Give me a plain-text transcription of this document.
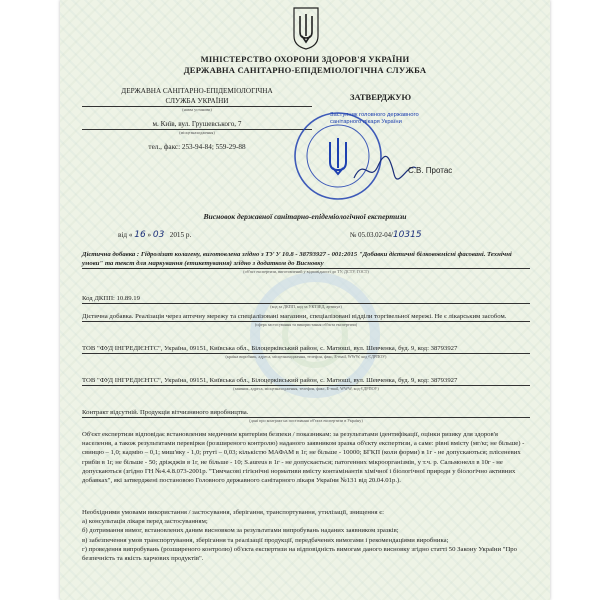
МІНІСТЕРСТВО ОХОРОНИ ЗДОРОВ'Я УКРАЇНИ
ДЕРЖАВНА САНІТАРНО-ЕПІДЕМІОЛОГІЧНА СЛУЖБА
ДЕРЖАВНА САНІТАРНО-ЕПІДЕМІОЛОГІЧНА
СЛУЖБА УКРАЇНИ
(назва установи)
м. Київ, вул. Грушевського, 7
(місцезнаходження)
тел., факс: 253-94-84; 559-29-88
ЗАТВЕРДЖУЮ
Заступник головного державного
санітарного лікаря України
С.В. Протас
Висновок державної санітарно-епідеміологічної експертизи
від « 16 » 03 2015 р.	№ 05.03.02-04/10315
Дієтична добавка : Гідролізат колагену, виготовлена згідно з ТУ У 10.8 - 38793927 - 001:2015 "Добавки дієтичні білкововмісні фасовані. Технічні умови" та текст для маркування (етикетування) згідно з додатком до Висновку
(об'єкт експертизи, виготовлений у відповідності до ТУ, ДСТУ, ГОСТ)
Код ДКПП: 10.89.19
(код за ДКПП, код за УКТЗЕД, артикул)
Дієтична добавка. Реалізація через аптечну мережу та спеціалізовані магазини, спеціалізовані відділи торгівельної мережі. Не є лікарським засобом.
(сфера застосування та використання об'єкта експертизи)
ТОВ "ФУД ІНГРЕДІЄНТС", Україна, 09151, Київська обл., Білоцерківський район, с. Матюші, вул. Шевченка, буд. 9, код: 38793927
(країна виробник, адреса, місцезнаходження, телефон, факс, E-mail, WWW, код ЄДРПОУ)
ТОВ "ФУД ІНГРЕДІЄНТС", Україна, 09151, Київська обл., Білоцерківський район, с. Матюші, вул. Шевченка, буд. 9, код: 38793927
(заявник, адреса, місцезнаходження, телефон, факс, E-mail, WWW, код ЄДРПОУ)
Контракт відсутній. Продукція вітчизняного виробництва.
(дані про контракт на постачання об'єкта експертизи в Україну)
Об'єкт експертизи відповідає встановленим медичним критеріям безпеки / показникам: за результатами ідентифікації, оцінки ризику для здоров'я населення, а також результатами перевірки (розширеного контролю) наданого заявником зразка об'єкту експертизи, а саме: рівні вмісту (мг/кг, не більше) - свинцю – 1,0; кадмію – 0,1; миш'яку - 1,0; ртуті – 0,03; кількістю МАФАМ в 1г, не більше - 10000; БГКП (коли форми) в 1г - не допускаються; плісеневих грибів в 1г, не більше - 50; дріжджів в 1г, не більше - 10; S.aureus в 1г - не допускається; патогенних мікроорганізмів, у т.ч. р. Сальмонелл в 10г - не допускаються (згідно ГН №4.4.8.073-2001р. "Тимчасові гігієнічні нормативи вмісту контамінантів хімічної і біологічної природи у біологічно активних добавках", які затверджені постановою Головного державного санітарного лікаря України №131 від 20.04.01р.).
Необхідними умовами використання / застосування, зберігання, транспортування, утилізації, знищення є:
а) консультація лікаря перед застосуванням;
б) дотримання вимог, встановлених даним висновком за результатами випробувань наданих заявником зразків;
в) забезпечення умов транспортування, зберігання та реалізації продукції, передбачених вимогами і рекомендаціями виробника;
г) проведення випробувань (розширеного контролю) об'єкта експертизи на відповідність вимогам даного висновку згідно статті 50 Закону України "Про безпечність та якість харчових продуктів".
